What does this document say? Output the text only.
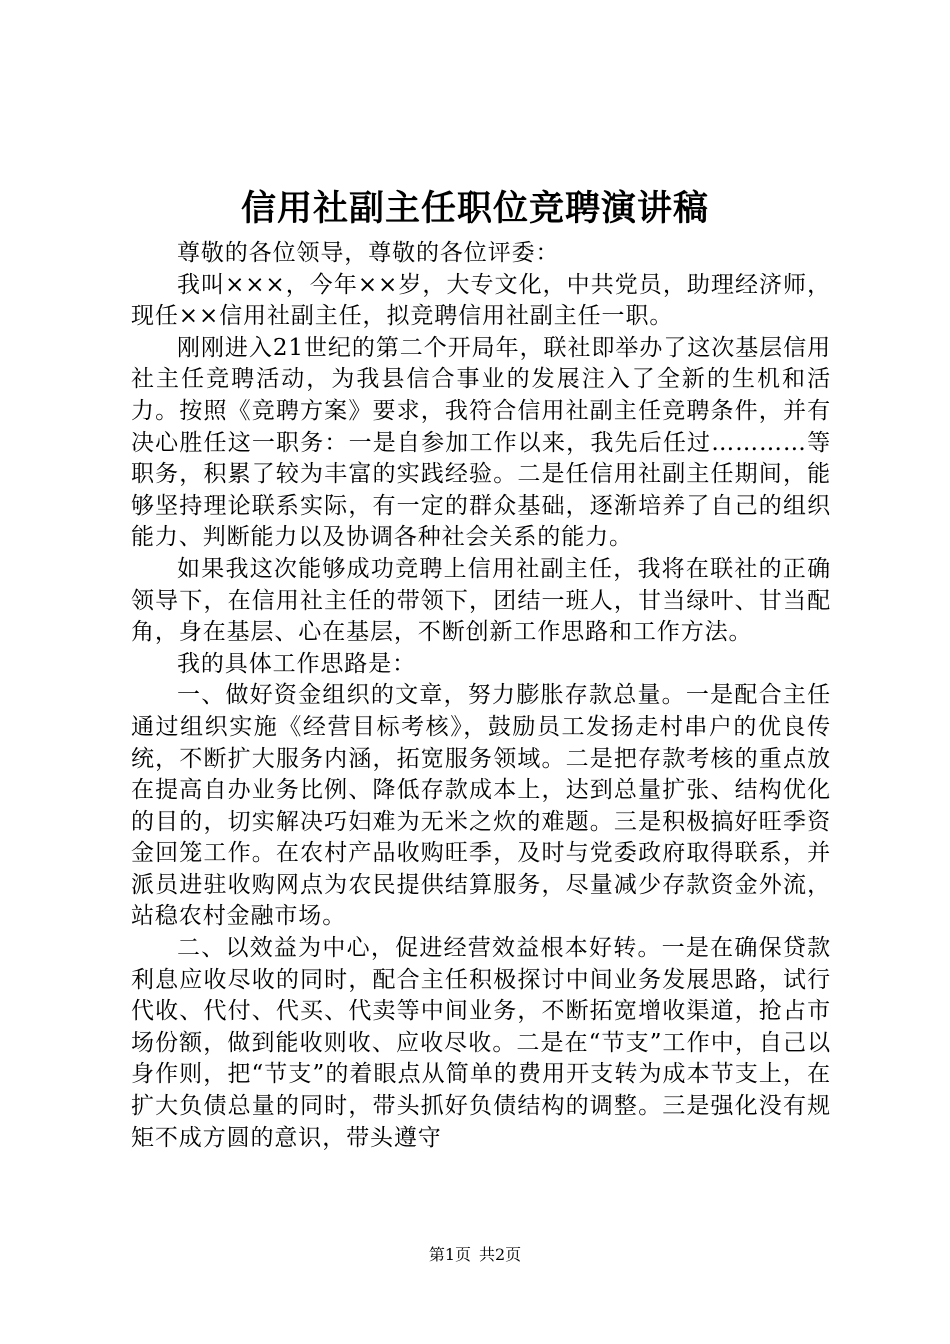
信用社副主任职位竞聘演讲稿

尊敬的各位领导，尊敬的各位评委：

我叫×××，今年××岁，大专文化，中共党员，助理经济师，现任××信用社副主任，拟竞聘信用社副主任一职。

刚刚进入21世纪的第二个开局年，联社即举办了这次基层信用社主任竞聘活动，为我县信合事业的发展注入了全新的生机和活力。按照《竞聘方案》要求，我符合信用社副主任竞聘条件，并有决心胜任这一职务：一是自参加工作以来，我先后任过…………等职务，积累了较为丰富的实践经验。二是任信用社副主任期间，能够坚持理论联系实际，有一定的群众基础，逐渐培养了自己的组织能力、判断能力以及协调各种社会关系的能力。

如果我这次能够成功竞聘上信用社副主任，我将在联社的正确领导下，在信用社主任的带领下，团结一班人，甘当绿叶、甘当配角，身在基层、心在基层，不断创新工作思路和工作方法。

我的具体工作思路是：

一、做好资金组织的文章，努力膨胀存款总量。一是配合主任通过组织实施《经营目标考核》，鼓励员工发扬走村串户的优良传统，不断扩大服务内涵，拓宽服务领域。二是把存款考核的重点放在提高自办业务比例、降低存款成本上，达到总量扩张、结构优化的目的，切实解决巧妇难为无米之炊的难题。三是积极搞好旺季资金回笼工作。在农村产品收购旺季，及时与党委政府取得联系，并派员进驻收购网点为农民提供结算服务，尽量减少存款资金外流，站稳农村金融市场。

二、以效益为中心，促进经营效益根本好转。一是在确保贷款利息应收尽收的同时，配合主任积极探讨中间业务发展思路，试行代收、代付、代买、代卖等中间业务，不断拓宽增收渠道，抢占市场份额，做到能收则收、应收尽收。二是在“节支”工作中，自己以身作则，把“节支”的着眼点从简单的费用开支转为成本节支上，在扩大负债总量的同时，带头抓好负债结构的调整。三是强化没有规矩不成方圆的意识，带头遵守

第1页 共2页
